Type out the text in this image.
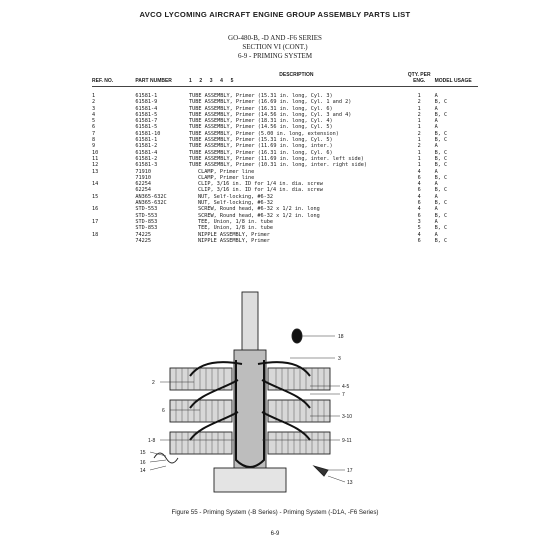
AVCO LYCOMING AIRCRAFT ENGINE GROUP ASSEMBLY PARTS LIST
GO-480-B, -D AND -F6 SERIES
SECTION VI (CONT.)
6-9 - PRIMING SYSTEM
REF. NO.	PART NUMBER	DESCRIPTION
1 2 3 4 5	QTY. PER ENG.	MODEL USAGE
1	61581-1	TUBE ASSEMBLY, Primer (15.31 in. long, Cyl. 3)	1	A
2	61581-9	TUBE ASSEMBLY, Primer (16.69 in. long, Cyl. 1 and 2)	2	B, C
3	61581-4	TUBE ASSEMBLY, Primer (16.31 in. long, Cyl. 6)	1	A
4	61581-5	TUBE ASSEMBLY, Primer (14.56 in. long, Cyl. 3 and 4)	2	B, C
5	61581-7	TUBE ASSEMBLY, Primer (18.31 in. long, Cyl. 4)	1	A
6	61581-5	TUBE ASSEMBLY, Primer (14.56 in. long, Cyl. 5)	1	A
7	61581-10	TUBE ASSEMBLY, Primer (5.00 in. long, extension)	2	B, C
8	61581-1	TUBE ASSEMBLY, Primer (15.31 in. long, Cyl. 5)	1	B, C
9	61581-2	TUBE ASSEMBLY, Primer (11.69 in. long, inter.)	2	A
10	61581-4	TUBE ASSEMBLY, Primer (16.31 in. long, Cyl. 6)	1	B, C
11	61581-2	TUBE ASSEMBLY, Primer (11.69 in. long, inter. left side)	1	B, C
12	61581-3	TUBE ASSEMBLY, Primer (10.31 in. long, inter. right side)	1	B, C
13	71910	CLAMP, Primer line	4	A
	71910	CLAMP, Primer line	6	B, C
14	62254	CLIP, 3/16 in. ID for 1/4 in. dia. screw	4	A
	62254	CLIP, 3/16 in. ID for 1/4 in. dia. screw	6	B, C
15	AN365-632C	NUT, Self-locking, #6-32	4	A
	AN365-632C	NUT, Self-locking, #6-32	6	B, C
16	STD-553	SCREW, Round head, #6-32 x 1/2 in. long	4	A
	STD-553	SCREW, Round head, #6-32 x 1/2 in. long	6	B, C
17	STD-853	TEE, Union, 1/8 in. tube	3	A
	STD-853	TEE, Union, 1/8 in. tube	5	B, C
18	74225	NIPPLE ASSEMBLY, Primer	4	A
	74225	NIPPLE ASSEMBLY, Primer	6	B, C
18
3
2
4-5
7
6
3-10
9-11
1-8
15
16
14	17
13
Figure 55 - Priming System (-B Series) - Priming System (-D1A, -F6 Series)
6-9
